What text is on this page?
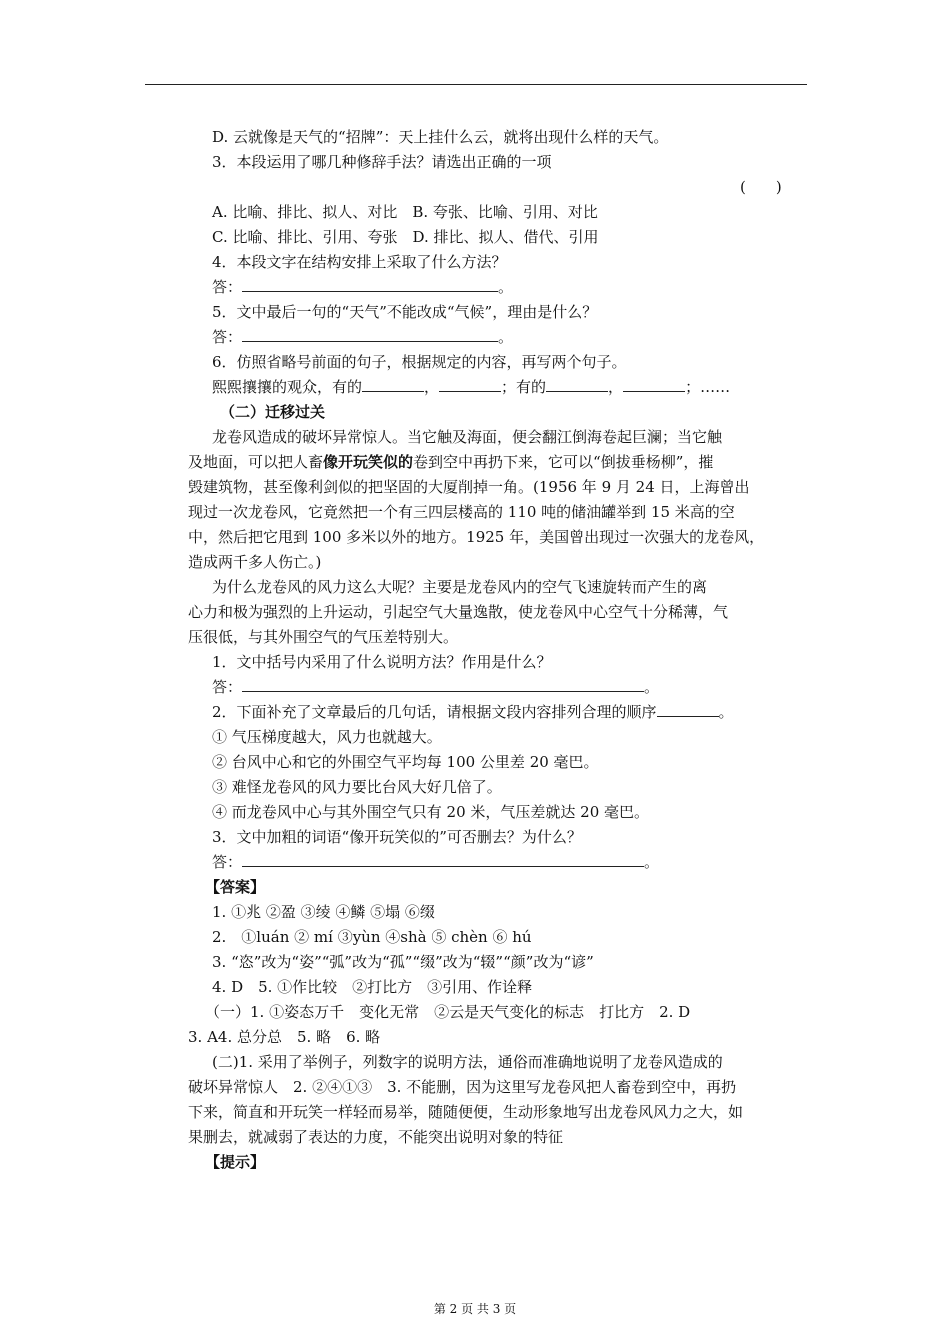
D. 云就像是天气的“招牌”：天上挂什么云，就将出现什么样的天气。
3．本段运用了哪几种修辞手法？请选出正确的一项
(　　)
A. 比喻、排比、拟人、对比　B. 夸张、比喻、引用、对比
C. 比喻、排比、引用、夸张　D. 排比、拟人、借代、引用
4．本段文字在结构安排上采取了什么方法？
答：	。
5．文中最后一句的“天气”不能改成“气候”，理由是什么？
答：	。
6．仿照省略号前面的句子，根据规定的内容，再写两个句子。
熙熙攘攘的观众，有的	，	；有的	，	；……
（二）迁移过关
龙卷风造成的破坏异常惊人。当它触及海面，便会翻江倒海卷起巨澜；当它触
及地面，可以把人畜像开玩笑似的卷到空中再扔下来，它可以“倒拔垂杨柳”，摧
毁建筑物，甚至像利剑似的把坚固的大厦削掉一角。(1956 年 9 月 24 日，上海曾出
现过一次龙卷风，它竟然把一个有三四层楼高的 110 吨的储油罐举到 15 米高的空
中，然后把它甩到 100 多米以外的地方。1925 年，美国曾出现过一次强大的龙卷风，
造成两千多人伤亡。)
为什么龙卷风的风力这么大呢？主要是龙卷风内的空气飞速旋转而产生的离
心力和极为强烈的上升运动，引起空气大量逸散，使龙卷风中心空气十分稀薄，气
压很低，与其外围空气的气压差特别大。
1．文中括号内采用了什么说明方法？作用是什么？
答：	。
2．下面补充了文章最后的几句话，请根据文段内容排列合理的顺序	。
① 气压梯度越大，风力也就越大。
② 台风中心和它的外围空气平均每 100 公里差 20 毫巴。
③ 难怪龙卷风的风力要比台风大好几倍了。
④ 而龙卷风中心与其外围空气只有 20 米，气压差就达 20 毫巴。
3．文中加粗的词语“像开玩笑似的”可否删去？为什么？
答：	。
【答案】
1. ①兆 ②盈 ③绫 ④鳞 ⑤塌 ⑥缀
2.　①luán ② mí ③yùn ④shà ⑤ chèn ⑥ hú
3. “恣”改为“姿”“弧”改为“孤”“缀”改为“辍”“颜”改为“谚”
4. D　5. ①作比较　②打比方　③引用、作诠释
（一）1. ①姿态万千　变化无常　②云是天气变化的标志　打比方　2. D
3. A4. 总分总　5. 略　6. 略
(二)1. 采用了举例子，列数字的说明方法，通俗而准确地说明了龙卷风造成的
破坏异常惊人　2. ②④①③　3. 不能删，因为这里写龙卷风把人畜卷到空中，再扔
下来，简直和开玩笑一样轻而易举，随随便便，生动形象地写出龙卷风风力之大，如
果删去，就减弱了表达的力度，不能突出说明对象的特征
【提示】
第 2 页 共 3 页
